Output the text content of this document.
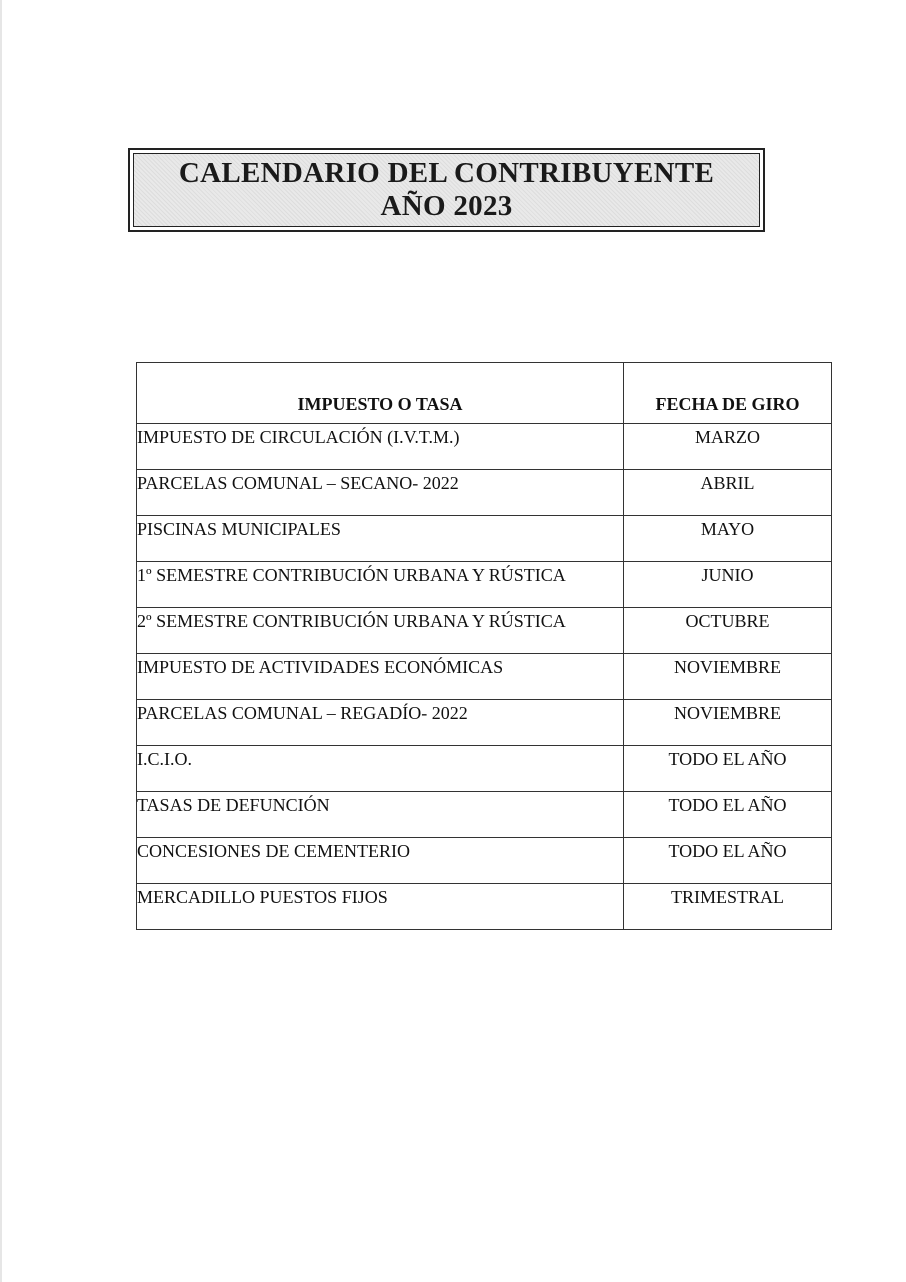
CALENDARIO DEL CONTRIBUYENTE
AÑO 2023
IMPUESTO O TASA	FECHA DE GIRO
IMPUESTO DE CIRCULACIÓN (I.V.T.M.)	MARZO
PARCELAS COMUNAL – SECANO- 2022	ABRIL
PISCINAS MUNICIPALES	MAYO
1º SEMESTRE CONTRIBUCIÓN URBANA Y RÚSTICA	JUNIO
2º SEMESTRE CONTRIBUCIÓN URBANA Y RÚSTICA	OCTUBRE
IMPUESTO DE ACTIVIDADES ECONÓMICAS	NOVIEMBRE
PARCELAS COMUNAL – REGADÍO- 2022	NOVIEMBRE
I.C.I.O.	TODO EL AÑO
TASAS DE DEFUNCIÓN	TODO EL AÑO
CONCESIONES DE CEMENTERIO	TODO EL AÑO
MERCADILLO PUESTOS FIJOS	TRIMESTRAL
